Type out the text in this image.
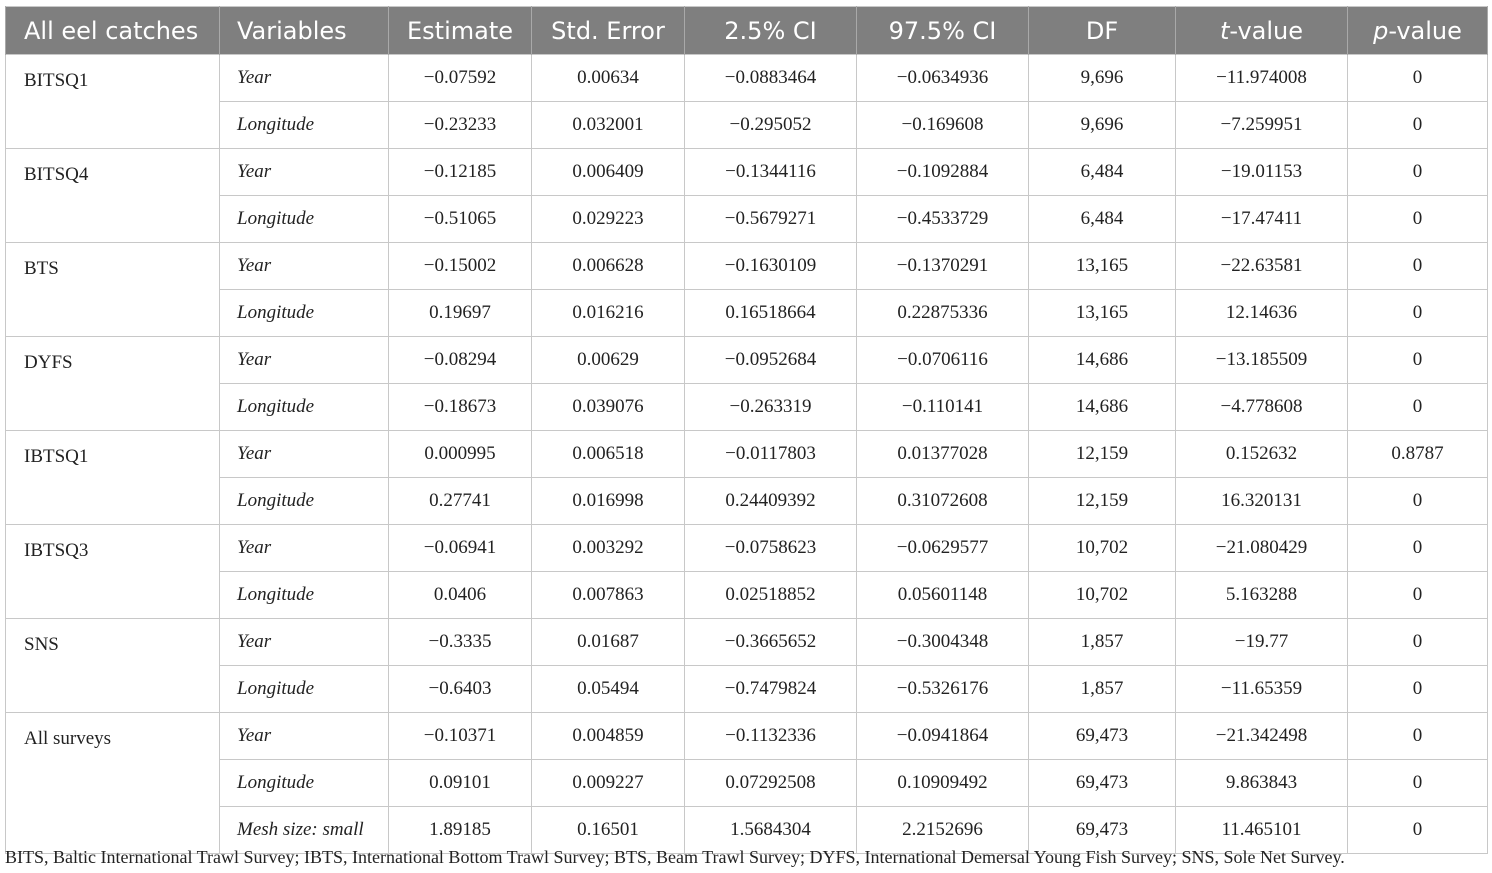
All eel catches	Variables	Estimate	Std. Error	2.5% CI	97.5% CI	DF	t-value	p-value
BITSQ1	Year	−0.07592	0.00634	−0.0883464	−0.0634936	9,696	−11.974008	0
	Longitude	−0.23233	0.032001	−0.295052	−0.169608	9,696	−7.259951	0
BITSQ4	Year	−0.12185	0.006409	−0.1344116	−0.1092884	6,484	−19.01153	0
	Longitude	−0.51065	0.029223	−0.5679271	−0.4533729	6,484	−17.47411	0
BTS	Year	−0.15002	0.006628	−0.1630109	−0.1370291	13,165	−22.63581	0
	Longitude	0.19697	0.016216	0.16518664	0.22875336	13,165	12.14636	0
DYFS	Year	−0.08294	0.00629	−0.0952684	−0.0706116	14,686	−13.185509	0
	Longitude	−0.18673	0.039076	−0.263319	−0.110141	14,686	−4.778608	0
IBTSQ1	Year	0.000995	0.006518	−0.0117803	0.01377028	12,159	0.152632	0.8787
	Longitude	0.27741	0.016998	0.24409392	0.31072608	12,159	16.320131	0
IBTSQ3	Year	−0.06941	0.003292	−0.0758623	−0.0629577	10,702	−21.080429	0
	Longitude	0.0406	0.007863	0.02518852	0.05601148	10,702	5.163288	0
SNS	Year	−0.3335	0.01687	−0.3665652	−0.3004348	1,857	−19.77	0
	Longitude	−0.6403	0.05494	−0.7479824	−0.5326176	1,857	−11.65359	0
All surveys	Year	−0.10371	0.004859	−0.1132336	−0.0941864	69,473	−21.342498	0
	Longitude	0.09101	0.009227	0.07292508	0.10909492	69,473	9.863843	0
	Mesh size: small	1.89185	0.16501	1.5684304	2.2152696	69,473	11.465101	0
BITS, Baltic International Trawl Survey; IBTS, International Bottom Trawl Survey; BTS, Beam Trawl Survey; DYFS, International Demersal Young Fish Survey; SNS, Sole Net Survey.
